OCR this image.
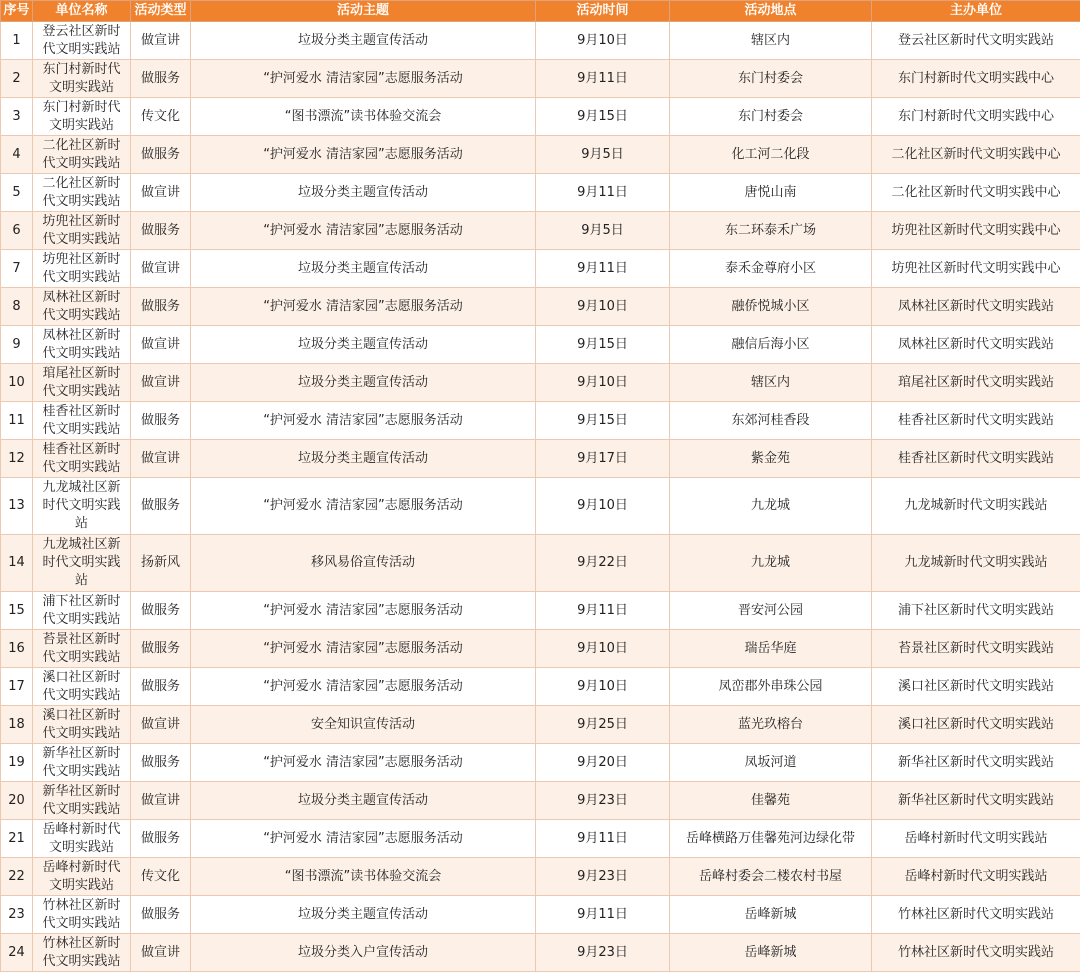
序号	单位名称	活动类型	活动主题	活动时间	活动地点	主办单位
1	登云社区新时代文明实践站	做宣讲	垃圾分类主题宣传活动	9月10日	辖区内	登云社区新时代文明实践站
2	东门村新时代文明实践站	做服务	“护河爱水 清洁家园”志愿服务活动	9月11日	东门村委会	东门村新时代文明实践中心
3	东门村新时代文明实践站	传文化	“图书漂流”读书体验交流会	9月15日	东门村委会	东门村新时代文明实践中心
4	二化社区新时代文明实践站	做服务	“护河爱水 清洁家园”志愿服务活动	9月5日	化工河二化段	二化社区新时代文明实践中心
5	二化社区新时代文明实践站	做宣讲	垃圾分类主题宣传活动	9月11日	唐悦山南	二化社区新时代文明实践中心
6	坊兜社区新时代文明实践站	做服务	“护河爱水 清洁家园”志愿服务活动	9月5日	东二环泰禾广场	坊兜社区新时代文明实践中心
7	坊兜社区新时代文明实践站	做宣讲	垃圾分类主题宣传活动	9月11日	泰禾金尊府小区	坊兜社区新时代文明实践中心
8	凤林社区新时代文明实践站	做服务	“护河爱水 清洁家园”志愿服务活动	9月10日	融侨悦城小区	凤林社区新时代文明实践站
9	凤林社区新时代文明实践站	做宣讲	垃圾分类主题宣传活动	9月15日	融信后海小区	凤林社区新时代文明实践站
10	琯尾社区新时代文明实践站	做宣讲	垃圾分类主题宣传活动	9月10日	辖区内	琯尾社区新时代文明实践站
11	桂香社区新时代文明实践站	做服务	“护河爱水 清洁家园”志愿服务活动	9月15日	东郊河桂香段	桂香社区新时代文明实践站
12	桂香社区新时代文明实践站	做宣讲	垃圾分类主题宣传活动	9月17日	紫金苑	桂香社区新时代文明实践站
13	九龙城社区新时代文明实践站	做服务	“护河爱水 清洁家园”志愿服务活动	9月10日	九龙城	九龙城新时代文明实践站
14	九龙城社区新时代文明实践站	扬新风	移风易俗宣传活动	9月22日	九龙城	九龙城新时代文明实践站
15	浦下社区新时代文明实践站	做服务	“护河爱水 清洁家园”志愿服务活动	9月11日	晋安河公园	浦下社区新时代文明实践站
16	苔景社区新时代文明实践站	做服务	“护河爱水 清洁家园”志愿服务活动	9月10日	瑞岳华庭	苔景社区新时代文明实践站
17	溪口社区新时代文明实践站	做服务	“护河爱水 清洁家园”志愿服务活动	9月10日	凤峦郡外串珠公园	溪口社区新时代文明实践站
18	溪口社区新时代文明实践站	做宣讲	安全知识宣传活动	9月25日	蓝光玖榕台	溪口社区新时代文明实践站
19	新华社区新时代文明实践站	做服务	“护河爱水 清洁家园”志愿服务活动	9月20日	凤坂河道	新华社区新时代文明实践站
20	新华社区新时代文明实践站	做宣讲	垃圾分类主题宣传活动	9月23日	佳馨苑	新华社区新时代文明实践站
21	岳峰村新时代文明实践站	做服务	“护河爱水 清洁家园”志愿服务活动	9月11日	岳峰横路万佳馨苑河边绿化带	岳峰村新时代文明实践站
22	岳峰村新时代文明实践站	传文化	“图书漂流”读书体验交流会	9月23日	岳峰村委会二楼农村书屋	岳峰村新时代文明实践站
23	竹林社区新时代文明实践站	做服务	垃圾分类主题宣传活动	9月11日	岳峰新城	竹林社区新时代文明实践站
24	竹林社区新时代文明实践站	做宣讲	垃圾分类入户宣传活动	9月23日	岳峰新城	竹林社区新时代文明实践站
